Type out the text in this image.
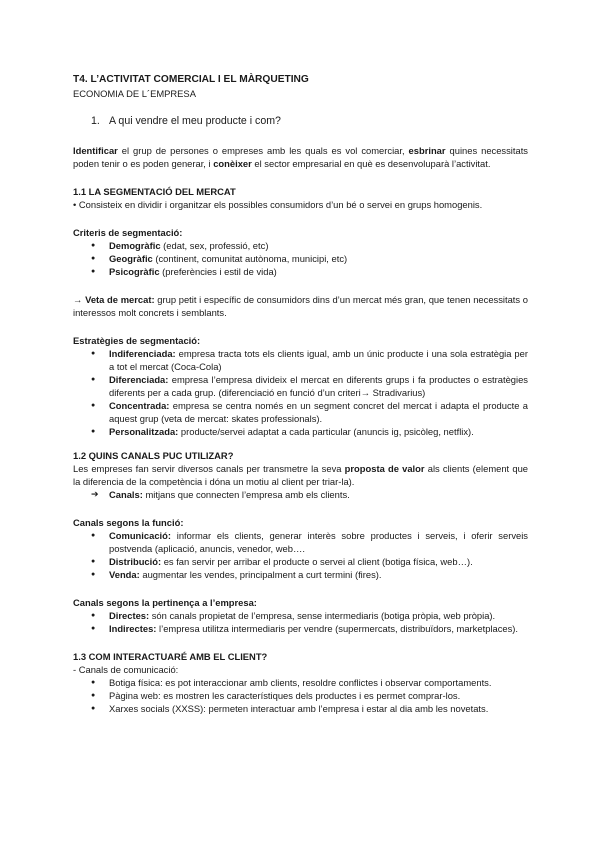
T4. L’ACTIVITAT COMERCIAL I EL MÀRQUETING
ECONOMIA DE L´EMPRESA
1. A qui vendre el meu producte i com?

Identificar el grup de persones o empreses amb les quals es vol comerciar, esbrinar quines necessitats poden tenir o es poden generar, i conèixer el sector empresarial en què es desenvoluparà l’activitat.

1.1 LA SEGMENTACIÓ DEL MERCAT

• Consisteix en dividir i organitzar els possibles consumidors d’un bé o servei en grups homogenis.

Criteris de segmentació:
● Demogràfic (edat, sex, professió, etc)
● Geogràfic (continent, comunitat autònoma, municipi, etc)
● Psicogràfic (preferències i estil de vida)

→ Veta de mercat: grup petit i específic de consumidors dins d’un mercat més gran, que tenen necessitats o interessos molt concrets i semblants.

Estratègies de segmentació:
● Indiferenciada: empresa tracta tots els clients igual, amb un únic producte i una sola estratègia per a tot el mercat (Coca-Cola)
● Diferenciada: empresa l’empresa divideix el mercat en diferents grups i fa productes o estratègies diferents per a cada grup. (diferenciació en funció d’un criteri→ Stradivarius)
● Concentrada: empresa se centra només en un segment concret del mercat i adapta el producte a aquest grup (veta de mercat: skates professionals).
● Personalitzada: producte/servei adaptat a cada particular (anuncis ig, psicòleg, netflix).
1.2 QUINS CANALS PUC UTILIZAR?

Les empreses fan servir diversos canals per transmetre la seva proposta de valor als clients (element que la diferencia de la competència i dóna un motiu al client per triar-la).

➔	Canals: mitjans que connecten l’empresa amb els clients.
Canals segons la funció:
● Comunicació: informar els clients, generar interès sobre productes i serveis, i oferir serveis postvenda (aplicació, anuncis, venedor, web….
● Distribució: es fan servir per arribar el producte o servei al client (botiga física, web…).
● Venda: augmentar les vendes, principalment a curt termini (fires).
Canals segons la pertinença a l’empresa:
● Directes: són canals propietat de l’empresa, sense intermediaris (botiga pròpia, web pròpia).
● Indirectes: l’empresa utilitza intermediaris per vendre (supermercats, distribuïdors, marketplaces).
1.3 COM INTERACTUARÉ AMB EL CLIENT?
- Canals de comunicació:
● Botiga física: es pot interaccionar amb clients, resoldre conflictes i observar comportaments.
● Pàgina web: es mostren les característiques dels productes i es permet comprar-los.
● Xarxes socials (XXSS): permeten interactuar amb l’empresa i estar al dia amb les novetats.
